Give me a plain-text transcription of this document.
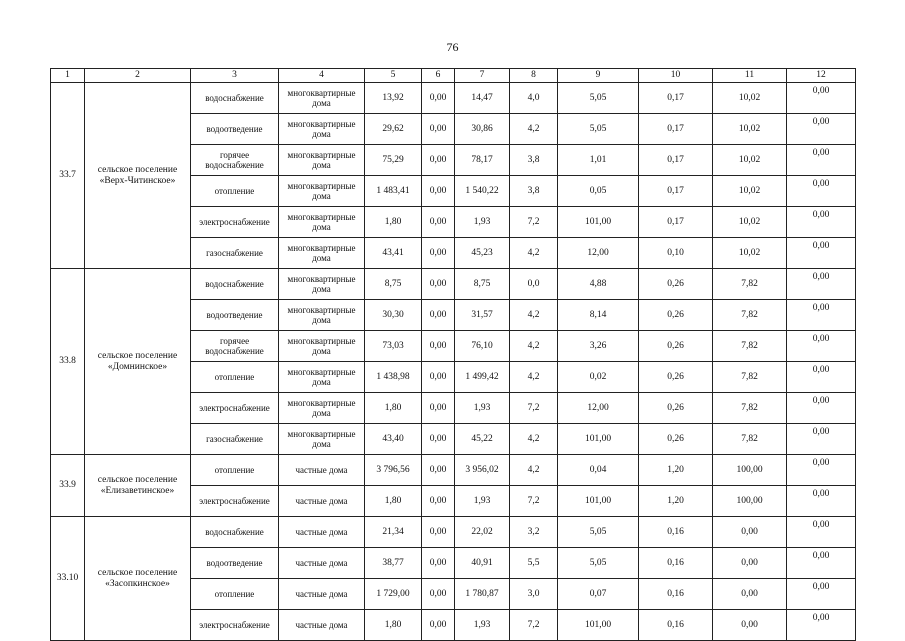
76
1	2	3	4	5	6	7	8	9	10	11	12
33.7	сельское поселение «Верх-Читинское»	водоснабжение	многоквартирные дома	13,92	0,00	14,47	4,0	5,05	0,17	10,02	0,00
		водоотведение	многоквартирные дома	29,62	0,00	30,86	4,2	5,05	0,17	10,02	0,00
		горячее водоснабжение	многоквартирные дома	75,29	0,00	78,17	3,8	1,01	0,17	10,02	0,00
		отопление	многоквартирные дома	1 483,41	0,00	1 540,22	3,8	0,05	0,17	10,02	0,00
		электроснабжение	многоквартирные дома	1,80	0,00	1,93	7,2	101,00	0,17	10,02	0,00
		газоснабжение	многоквартирные дома	43,41	0,00	45,23	4,2	12,00	0,10	10,02	0,00
33.8	сельское поселение «Домнинское»	водоснабжение	многоквартирные дома	8,75	0,00	8,75	0,0	4,88	0,26	7,82	0,00
		водоотведение	многоквартирные дома	30,30	0,00	31,57	4,2	8,14	0,26	7,82	0,00
		горячее водоснабжение	многоквартирные дома	73,03	0,00	76,10	4,2	3,26	0,26	7,82	0,00
		отопление	многоквартирные дома	1 438,98	0,00	1 499,42	4,2	0,02	0,26	7,82	0,00
		электроснабжение	многоквартирные дома	1,80	0,00	1,93	7,2	12,00	0,26	7,82	0,00
		газоснабжение	многоквартирные дома	43,40	0,00	45,22	4,2	101,00	0,26	7,82	0,00
33.9	сельское поселение «Елизаветинское»	отопление	частные дома	3 796,56	0,00	3 956,02	4,2	0,04	1,20	100,00	0,00
		электроснабжение	частные дома	1,80	0,00	1,93	7,2	101,00	1,20	100,00	0,00
33.10	сельское поселение «Засопкинское»	водоснабжение	частные дома	21,34	0,00	22,02	3,2	5,05	0,16	0,00	0,00
		водоотведение	частные дома	38,77	0,00	40,91	5,5	5,05	0,16	0,00	0,00
		отопление	частные дома	1 729,00	0,00	1 780,87	3,0	0,07	0,16	0,00	0,00
		электроснабжение	частные дома	1,80	0,00	1,93	7,2	101,00	0,16	0,00	0,00
